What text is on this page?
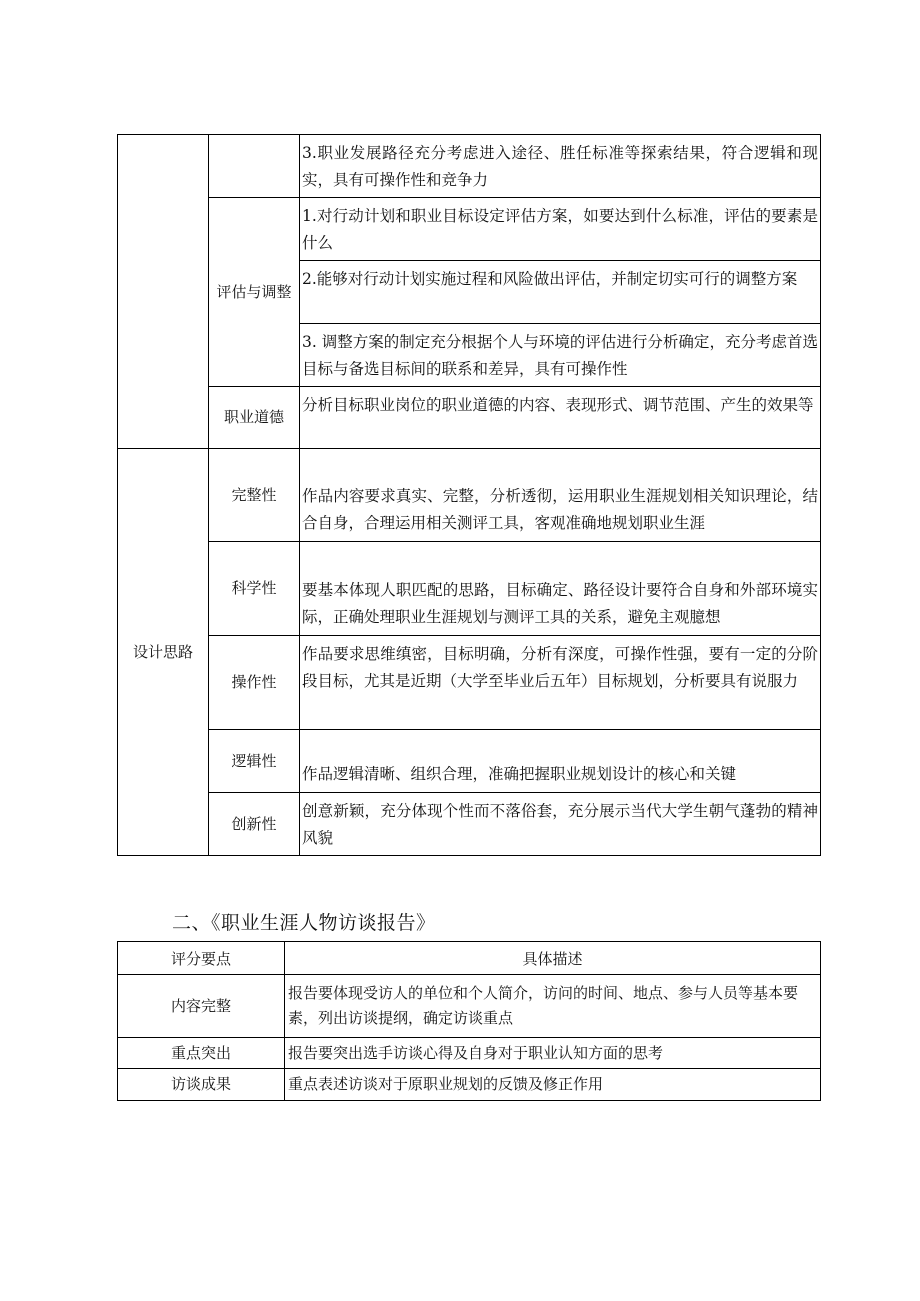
		3.职业发展路径充分考虑进入途径、胜任标准等探索结果，符合逻辑和现实，具有可操作性和竞争力
	评估与调整	1.对行动计划和职业目标设定评估方案，如要达到什么标准，评估的要素是什么
		2.能够对行动计划实施过程和风险做出评估，并制定切实可行的调整方案
		3. 调整方案的制定充分根据个人与环境的评估进行分析确定，充分考虑首选目标与备选目标间的联系和差异，具有可操作性
	职业道德	分析目标职业岗位的职业道德的内容、表现形式、调节范围、产生的效果等
设计思路	完整性	作品内容要求真实、完整，分析透彻，运用职业生涯规划相关知识理论，结合自身，合理运用相关测评工具，客观准确地规划职业生涯
	科学性	要基本体现人职匹配的思路，目标确定、路径设计要符合自身和外部环境实际，正确处理职业生涯规划与测评工具的关系，避免主观臆想
	操作性	作品要求思维缜密，目标明确，分析有深度，可操作性强，要有一定的分阶段目标，尤其是近期（大学至毕业后五年）目标规划，分析要具有说服力
	逻辑性	作品逻辑清晰、组织合理，准确把握职业规划设计的核心和关键
	创新性	创意新颖，充分体现个性而不落俗套，充分展示当代大学生朝气蓬勃的精神风貌
二、《职业生涯人物访谈报告》
评分要点	具体描述
内容完整	报告要体现受访人的单位和个人简介，访问的时间、地点、参与人员等基本要素，列出访谈提纲，确定访谈重点
重点突出	报告要突出选手访谈心得及自身对于职业认知方面的思考
访谈成果	重点表述访谈对于原职业规划的反馈及修正作用
